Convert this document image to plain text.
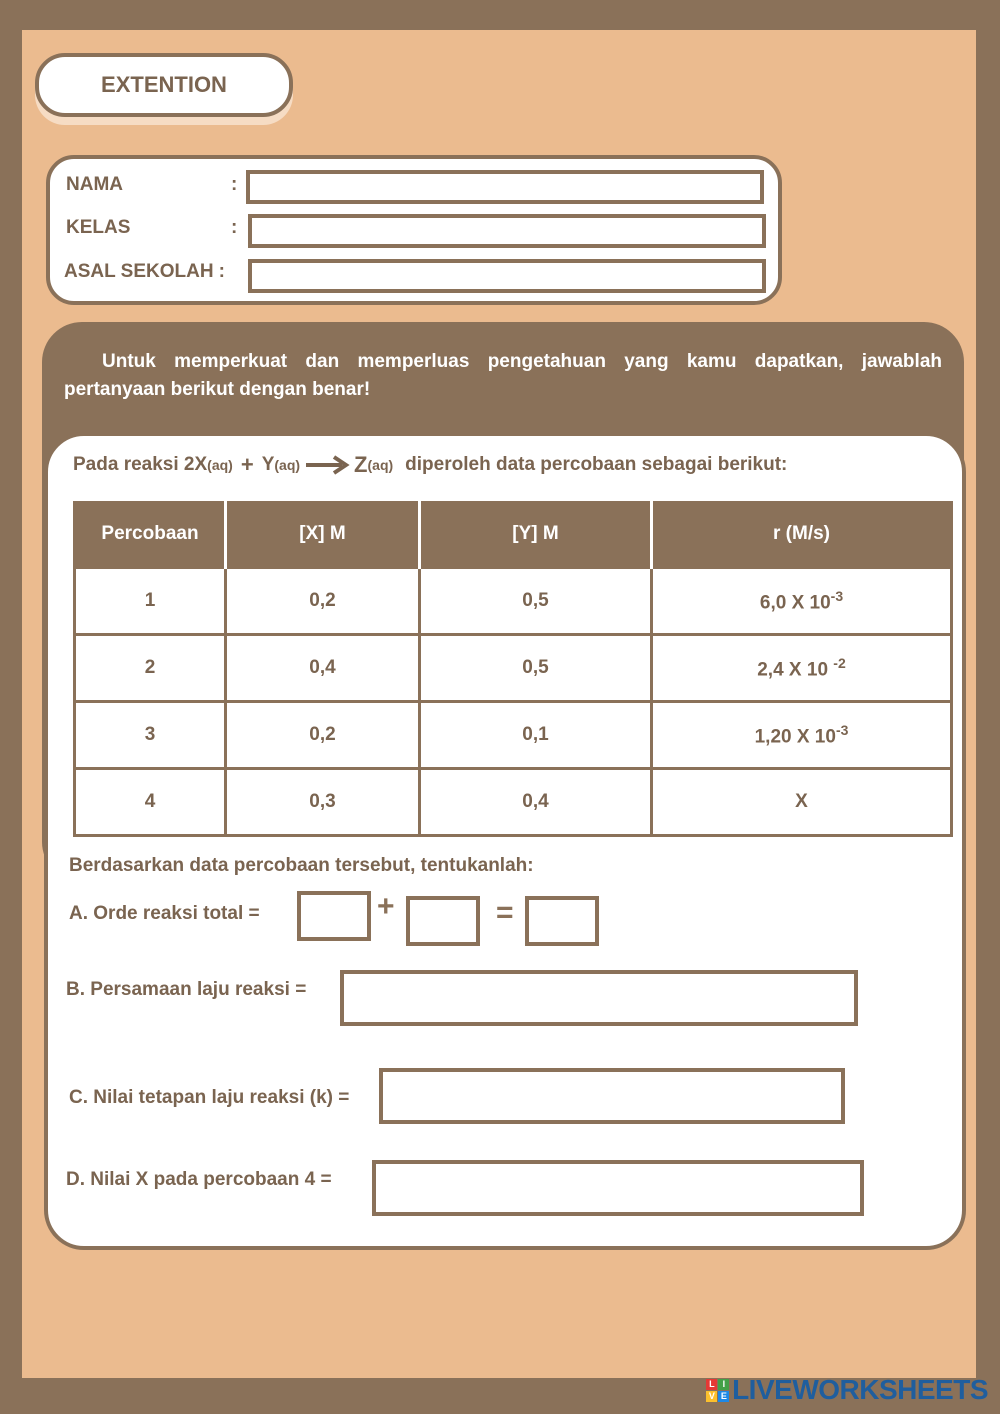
EXTENTION
NAMA	:
KELAS	:
ASAL SEKOLAH :
Untuk memperkuat dan memperluas pengetahuan yang kamu dapatkan, jawablah pertanyaan berikut dengan benar!
Pada reaksi 2X (aq) + Y (aq) → Z (aq) diperoleh data percobaan sebagai berikut:
Percobaan	[X] M	[Y] M	r (M/s)
1	0,2	0,5	6,0 X $10^{-3}$
2	0,4	0,5	2,4 X 10 $^{-2}$
3	0,2	0,1	1,20 X $10^{-3}$
4	0,3	0,4	X
Berdasarkan data percobaan tersebut, tentukanlah:
A. Orde reaksi total =	+	=
B. Persamaan laju reaksi =
C. Nilai tetapan laju reaksi (k) =
D. Nilai X pada percobaan 4 =
L I
V E LIVEWORKSHEETS
